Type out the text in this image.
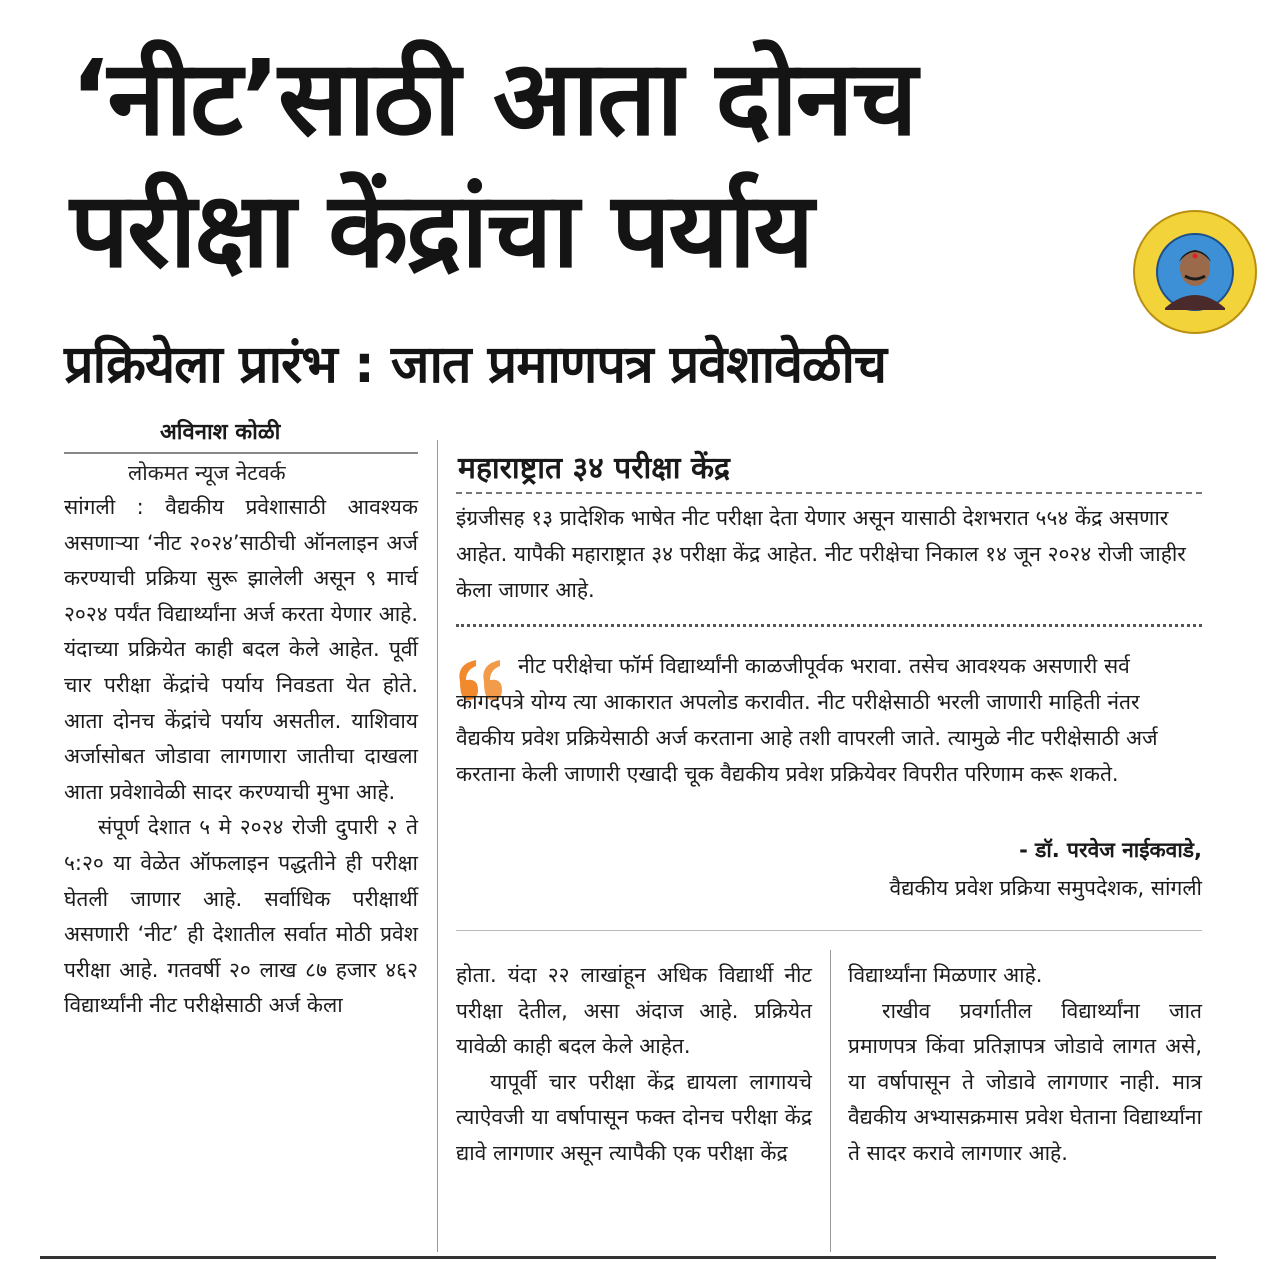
‘नीट’साठी आता दोनच
परीक्षा केंद्रांचा पर्याय
प्रक्रियेला प्रारंभ : जात प्रमाणपत्र प्रवेशावेळीच
अविनाश कोळी
लोकमत न्यूज नेटवर्क

सांगली : वैद्यकीय प्रवेशासाठी आवश्यक असणाऱ्या ‘नीट २०२४’साठीची ऑनलाइन अर्ज करण्याची प्रक्रिया सुरू झालेली असून ९ मार्च २०२४ पर्यंत विद्यार्थ्यांना अर्ज करता येणार आहे. यंदाच्या प्रक्रियेत काही बदल केले आहेत. पूर्वी चार परीक्षा केंद्रांचे पर्याय निवडता येत होते. आता दोनच केंद्रांचे पर्याय असतील. याशिवाय अर्जासोबत जोडावा लागणारा जातीचा दाखला आता प्रवेशावेळी सादर करण्याची मुभा आहे.

संपूर्ण देशात ५ मे २०२४ रोजी दुपारी २ ते ५:२० या वेळेत ऑफलाइन पद्धतीने ही परीक्षा घेतली जाणार आहे. सर्वाधिक परीक्षार्थी असणारी ‘नीट’ ही देशातील सर्वात मोठी प्रवेश परीक्षा आहे. गतवर्षी २० लाख ८७ हजार ४६२ विद्यार्थ्यांनी नीट परीक्षेसाठी अर्ज केला

महाराष्ट्रात ३४ परीक्षा केंद्र
इंग्रजीसह १३ प्रादेशिक भाषेत नीट परीक्षा देता येणार असून यासाठी देशभरात ५५४ केंद्र असणार आहेत. यापैकी महाराष्ट्रात ३४ परीक्षा केंद्र आहेत. नीट परीक्षेचा निकाल १४ जून २०२४ रोजी जाहीर केला जाणार आहे.
नीट परीक्षेचा फॉर्म विद्यार्थ्यांनी काळजीपूर्वक भरावा. तसेच आवश्यक असणारी सर्व कागदपत्रे योग्य त्या आकारात अपलोड करावीत. नीट परीक्षेसाठी भरली जाणारी माहिती नंतर वैद्यकीय प्रवेश प्रक्रियेसाठी अर्ज करताना आहे तशी वापरली जाते. त्यामुळे नीट परीक्षेसाठी अर्ज करताना केली जाणारी एखादी चूक वैद्यकीय प्रवेश प्रक्रियेवर विपरीत परिणाम करू शकते.
- डॉ. परवेज नाईकवाडे,
वैद्यकीय प्रवेश प्रक्रिया समुपदेशक, सांगली

होता. यंदा २२ लाखांहून अधिक विद्यार्थी नीट परीक्षा देतील, असा अंदाज आहे. प्रक्रियेत यावेळी काही बदल केले आहेत.

यापूर्वी चार परीक्षा केंद्र द्यायला लागायचे त्याऐवजी या वर्षापासून फक्त दोनच परीक्षा केंद्र द्यावे लागणार असून त्यापैकी एक परीक्षा केंद्र

विद्यार्थ्यांना मिळणार आहे.

राखीव प्रवर्गातील विद्यार्थ्यांना जात प्रमाणपत्र किंवा प्रतिज्ञापत्र जोडावे लागत असे, या वर्षापासून ते जोडावे लागणार नाही. मात्र वैद्यकीय अभ्यासक्रमास प्रवेश घेताना विद्यार्थ्यांना ते सादर करावे लागणार आहे.
